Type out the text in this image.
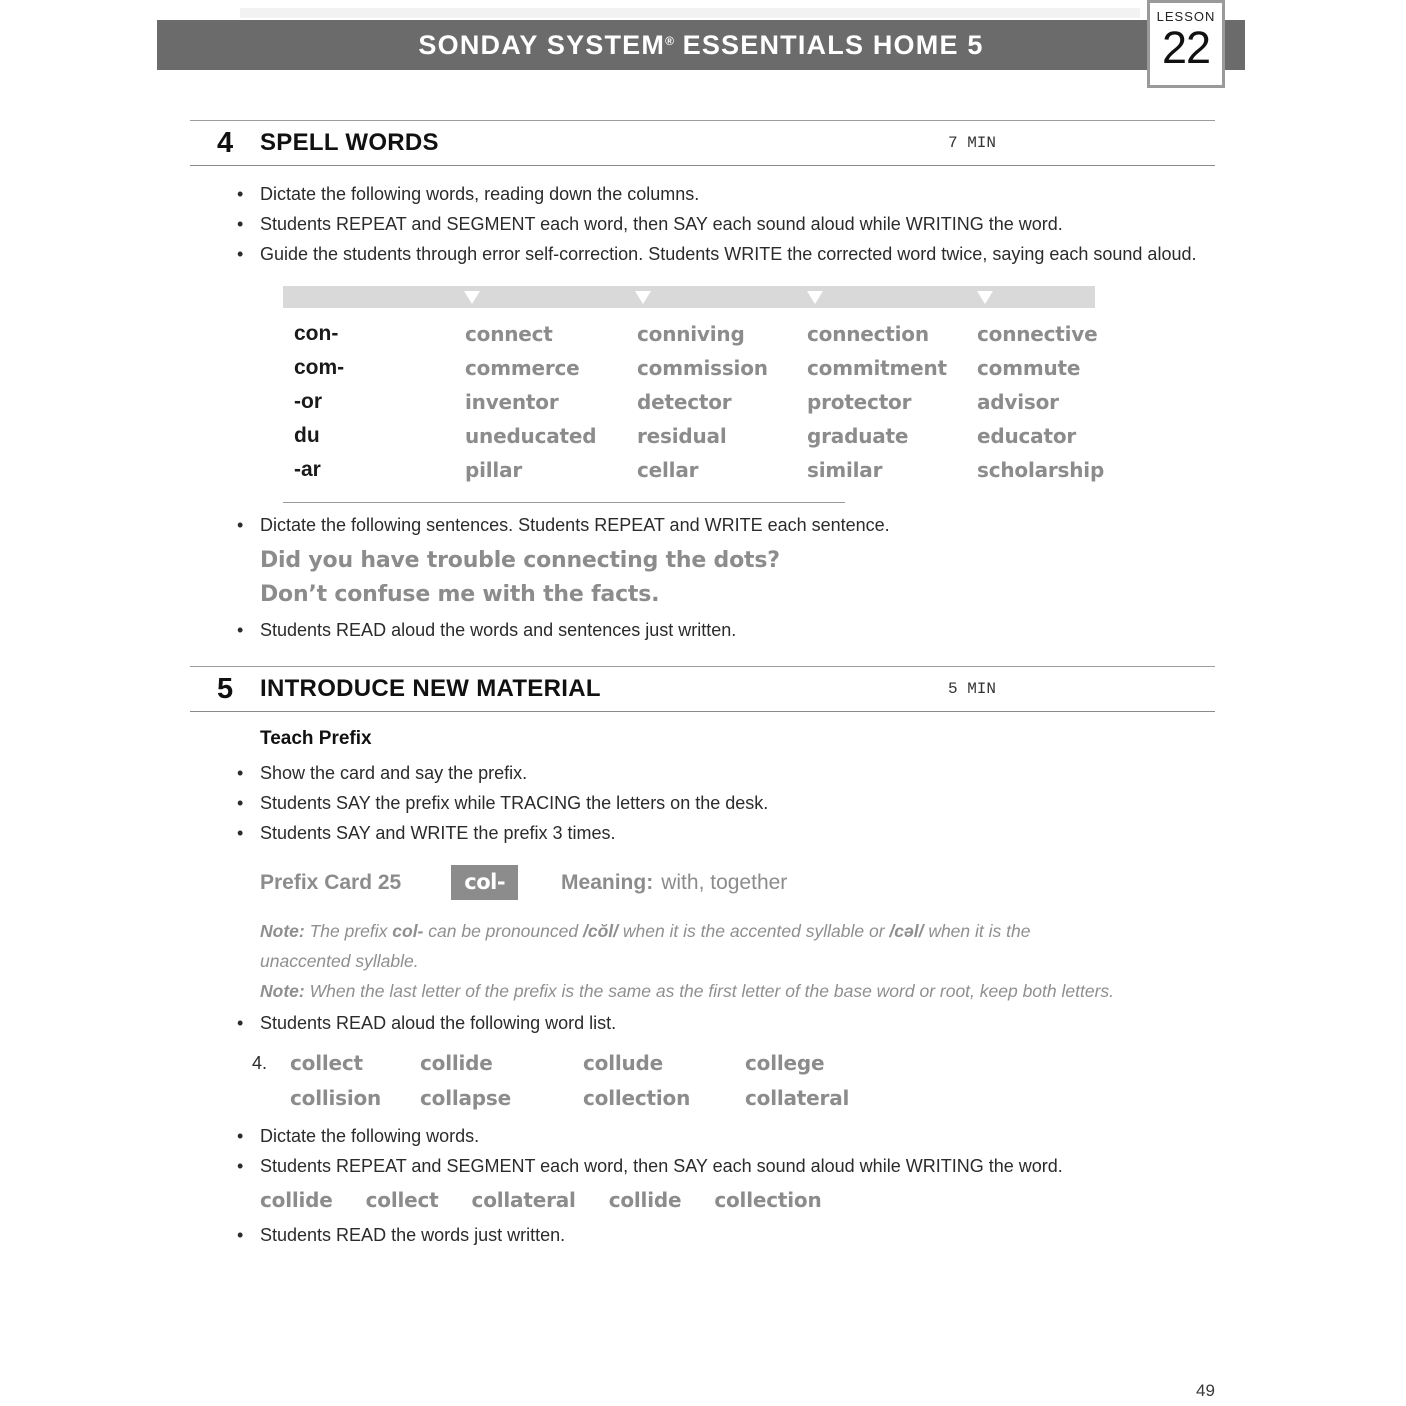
SONDAY SYSTEM® ESSENTIALS HOME 5
LESSON
22
4	SPELL WORDS	7 MIN
• Dictate the following words, reading down the columns.
• Students REPEAT and SEGMENT each word, then SAY each sound aloud while WRITING the word.
• Guide the students through error self-correction. Students WRITE the corrected word twice, saying each sound aloud.
con-	connect	conniving	connection	connective
com-	commerce	commission	commitment	commute
-or	inventor	detector	protector	advisor
du	uneducated	residual	graduate	educator
-ar	pillar	cellar	similar	scholarship
• Dictate the following sentences. Students REPEAT and WRITE each sentence.
Did you have trouble connecting the dots?
Don’t confuse me with the facts.
• Students READ aloud the words and sentences just written.
5	INTRODUCE NEW MATERIAL	5 MIN
Teach Prefix
• Show the card and say the prefix.
• Students SAY the prefix while TRACING the letters on the desk.
• Students SAY and WRITE the prefix 3 times.
Prefix Card 25	col-	Meaning: with, together
Note: The prefix col- can be pronounced /cŏl/ when it is the accented syllable or /cəl/ when it is the
unaccented syllable.
Note: When the last letter of the prefix is the same as the first letter of the base word or root, keep both letters.
• Students READ aloud the following word list.
4. collect	collide	collude	college
collision	collapse	collection	collateral
• Dictate the following words.
• Students REPEAT and SEGMENT each word, then SAY each sound aloud while WRITING the word.
collide collect collateral collide collection
• Students READ the words just written.
49
